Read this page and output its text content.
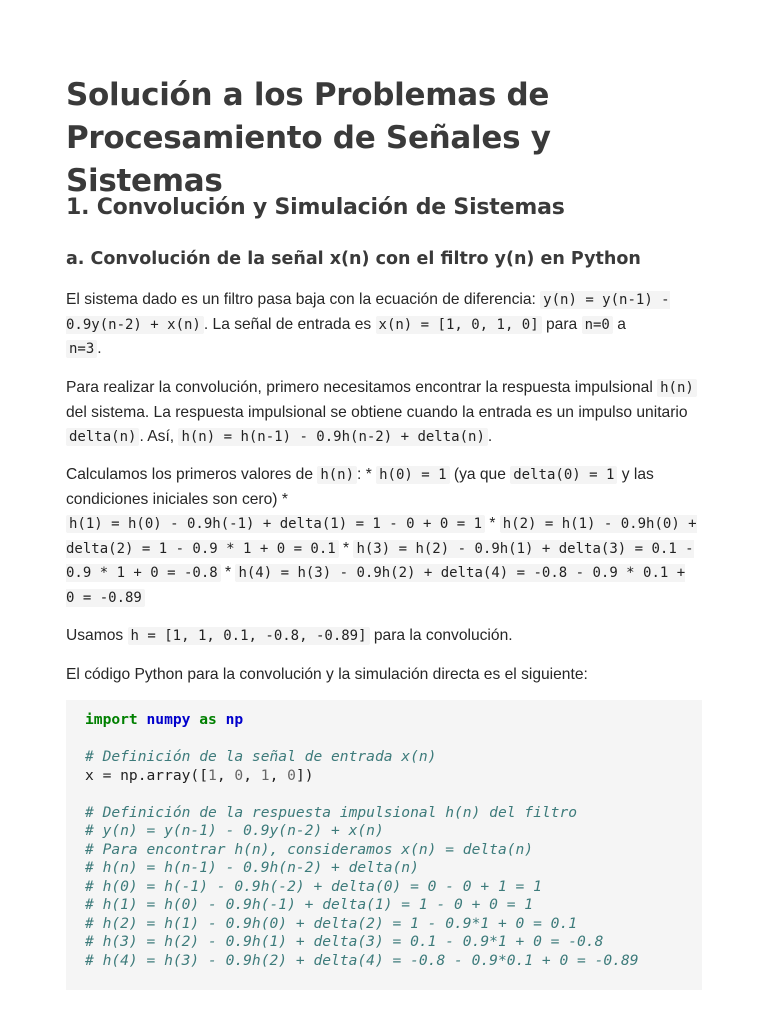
Solución a los Problemas de Procesamiento de Señales y Sistemas
1. Convolución y Simulación de Sistemas
a. Convolución de la señal x(n) con el filtro y(n) en Python

El sistema dado es un filtro pasa baja con la ecuación de diferencia: y(n) = y(n-1) - 0.9y(n-2) + x(n) . La señal de entrada es x(n) = [1, 0, 1, 0] para n=0 a
n=3 .

Para realizar la convolución, primero necesitamos encontrar la respuesta impulsional h(n) del sistema. La respuesta impulsional se obtiene cuando la entrada es un impulso unitario delta(n) . Así, h(n) = h(n-1) - 0.9h(n-2) + delta(n) .

Calculamos los primeros valores de h(n) : * h(0) = 1 (ya que delta(0) = 1 y las condiciones iniciales son cero) *
h(1) = h(0) - 0.9h(-1) + delta(1) = 1 - 0 + 0 = 1 * h(2) = h(1) - 0.9h(0) + delta(2) = 1 - 0.9 * 1 + 0 = 0.1 * h(3) = h(2) - 0.9h(1) + delta(3) = 0.1 - 0.9 * 1 + 0 = -0.8 * h(4) = h(3) - 0.9h(2) + delta(4) = -0.8 - 0.9 * 0.1 + 0 = -0.89

Usamos h = [1, 1, 0.1, -0.8, -0.89] para la convolución.

El código Python para la convolución y la simulación directa es el siguiente:

import numpy as np
# Definición de la señal de entrada x(n)
x = np.array([1, 0, 1, 0])
# Definición de la respuesta impulsional h(n) del filtro
# y(n) = y(n-1) - 0.9y(n-2) + x(n)
# Para encontrar h(n), consideramos x(n) = delta(n)
# h(n) = h(n-1) - 0.9h(n-2) + delta(n)
# h(0) = h(-1) - 0.9h(-2) + delta(0) = 0 - 0 + 1 = 1
# h(1) = h(0) - 0.9h(-1) + delta(1) = 1 - 0 + 0 = 1
# h(2) = h(1) - 0.9h(0) + delta(2) = 1 - 0.9*1 + 0 = 0.1
# h(3) = h(2) - 0.9h(1) + delta(3) = 0.1 - 0.9*1 + 0 = -0.8
# h(4) = h(3) - 0.9h(2) + delta(4) = -0.8 - 0.9*0.1 + 0 = -0.89
